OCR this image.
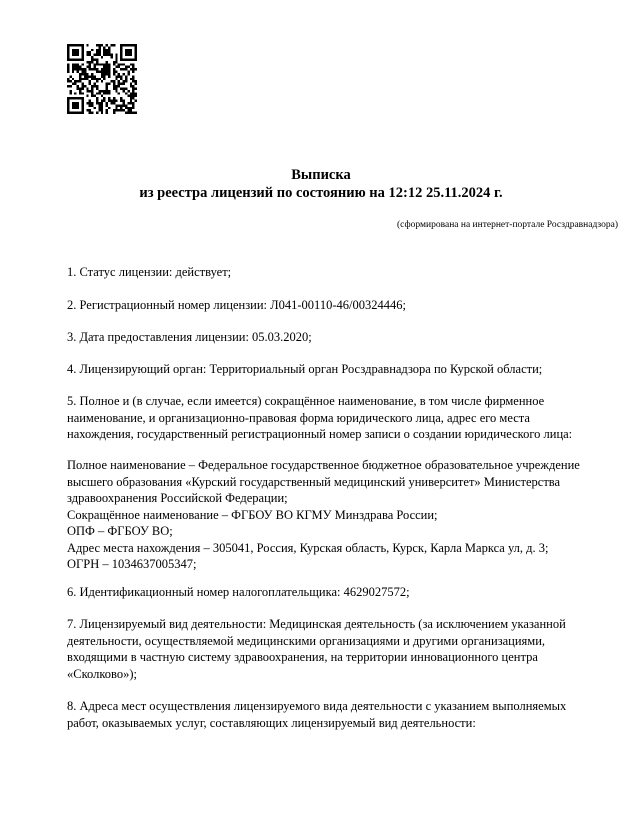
Выписка
из реестра лицензий по состоянию на 12:12 25.11.2024 г.
(сформирована на интернет-портале Росздравнадзора)
1. Статус лицензии: действует;
2. Регистрационный номер лицензии: Л041-00110-46/00324446;
3. Дата предоставления лицензии: 05.03.2020;
4. Лицензирующий орган: Территориальный орган Росздравнадзора по Курской области;
5. Полное и (в случае, если имеется) сокращённое наименование, в том числе фирменное
наименование, и организационно-правовая форма юридического лица, адрес его места
нахождения, государственный регистрационный номер записи о создании юридического лица:
Полное наименование – Федеральное государственное бюджетное образовательное учреждение
высшего образования «Курский государственный медицинский университет» Министерства
здравоохранения Российской Федерации;
Сокращённое наименование – ФГБОУ ВО КГМУ Минздрава России;
ОПФ – ФГБОУ ВО;
Адрес места нахождения – 305041, Россия, Курская область, Курск, Карла Маркса ул, д. 3;
ОГРН – 1034637005347;
6. Идентификационный номер налогоплательщика: 4629027572;
7. Лицензируемый вид деятельности: Медицинская деятельность (за исключением указанной
деятельности, осуществляемой медицинскими организациями и другими организациями,
входящими в частную систему здравоохранения, на территории инновационного центра
«Сколково»);
8. Адреса мест осуществления лицензируемого вида деятельности с указанием выполняемых
работ, оказываемых услуг, составляющих лицензируемый вид деятельности:
